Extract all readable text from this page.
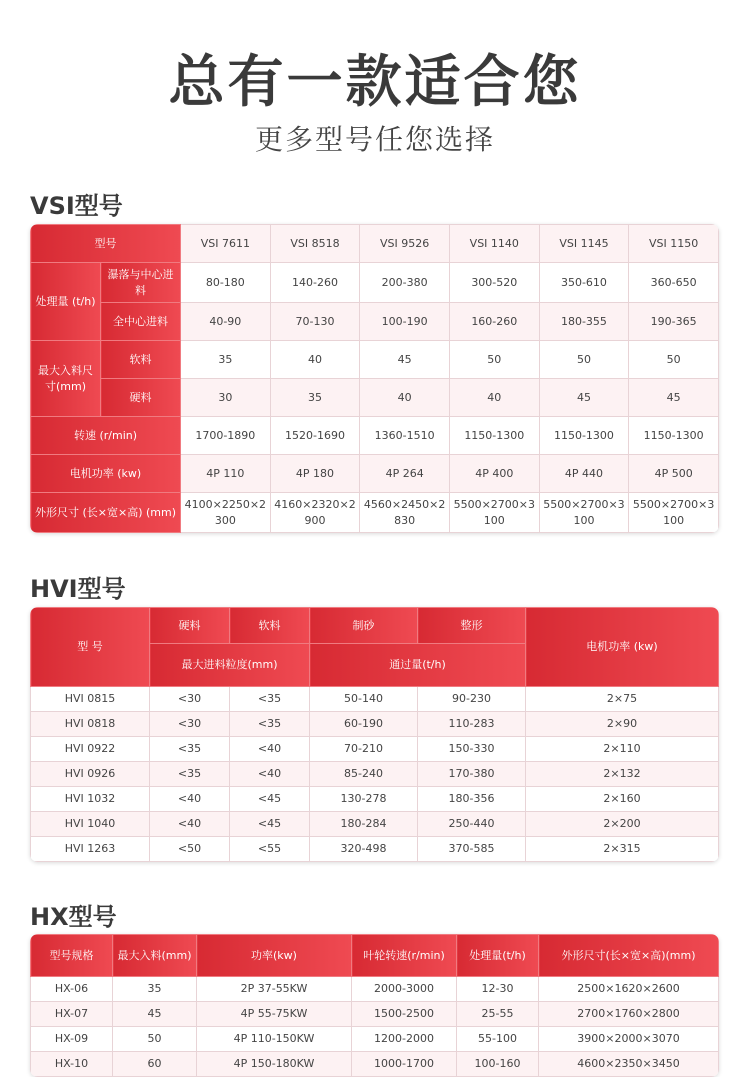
总有一款适合您
更多型号任您选择
VSI型号
型号		VSI 7611	VSI 8518	VSI 9526	VSI 1140	VSI 1145	VSI 1150
处理量 (t/h)	瀑落与中心进料	80-180	140-260	200-380	300-520	350-610	360-650
	全中心进料	40-90	70-130	100-190	160-260	180-355	190-365
最大入料尺寸(mm)	软料	35	40	45	50	50	50
	硬料	30	35	40	40	45	45
转速 (r/min)		1700-1890	1520-1690	1360-1510	1150-1300	1150-1300	1150-1300
电机功率 (kw)		4P 110	4P 180	4P 264	4P 400	4P 440	4P 500
外形尺寸 (长×宽×高) (mm)		4100×2250×2300	4160×2320×2900	4560×2450×2830	5500×2700×3100	5500×2700×3100	5500×2700×3100
HVI型号
型 号	硬料	软料	制砂	整形	电机功率 (kw)
	最大进料粒度(mm)		通过量(t/h)		
HVI 0815	<30	<35	50-140	90-230	2×75
HVI 0818	<30	<35	60-190	110-283	2×90
HVI 0922	<35	<40	70-210	150-330	2×110
HVI 0926	<35	<40	85-240	170-380	2×132
HVI 1032	<40	<45	130-278	180-356	2×160
HVI 1040	<40	<45	180-284	250-440	2×200
HVI 1263	<50	<55	320-498	370-585	2×315
HX型号
型号规格	最大入料(mm)	功率(kw)	叶轮转速(r/min)	处理量(t/h)	外形尺寸(长×宽×高)(mm)
HX-06	35	2P 37-55KW	2000-3000	12-30	2500×1620×2600
HX-07	45	4P 55-75KW	1500-2500	25-55	2700×1760×2800
HX-09	50	4P 110-150KW	1200-2000	55-100	3900×2000×3070
HX-10	60	4P 150-180KW	1000-1700	100-160	4600×2350×3450
